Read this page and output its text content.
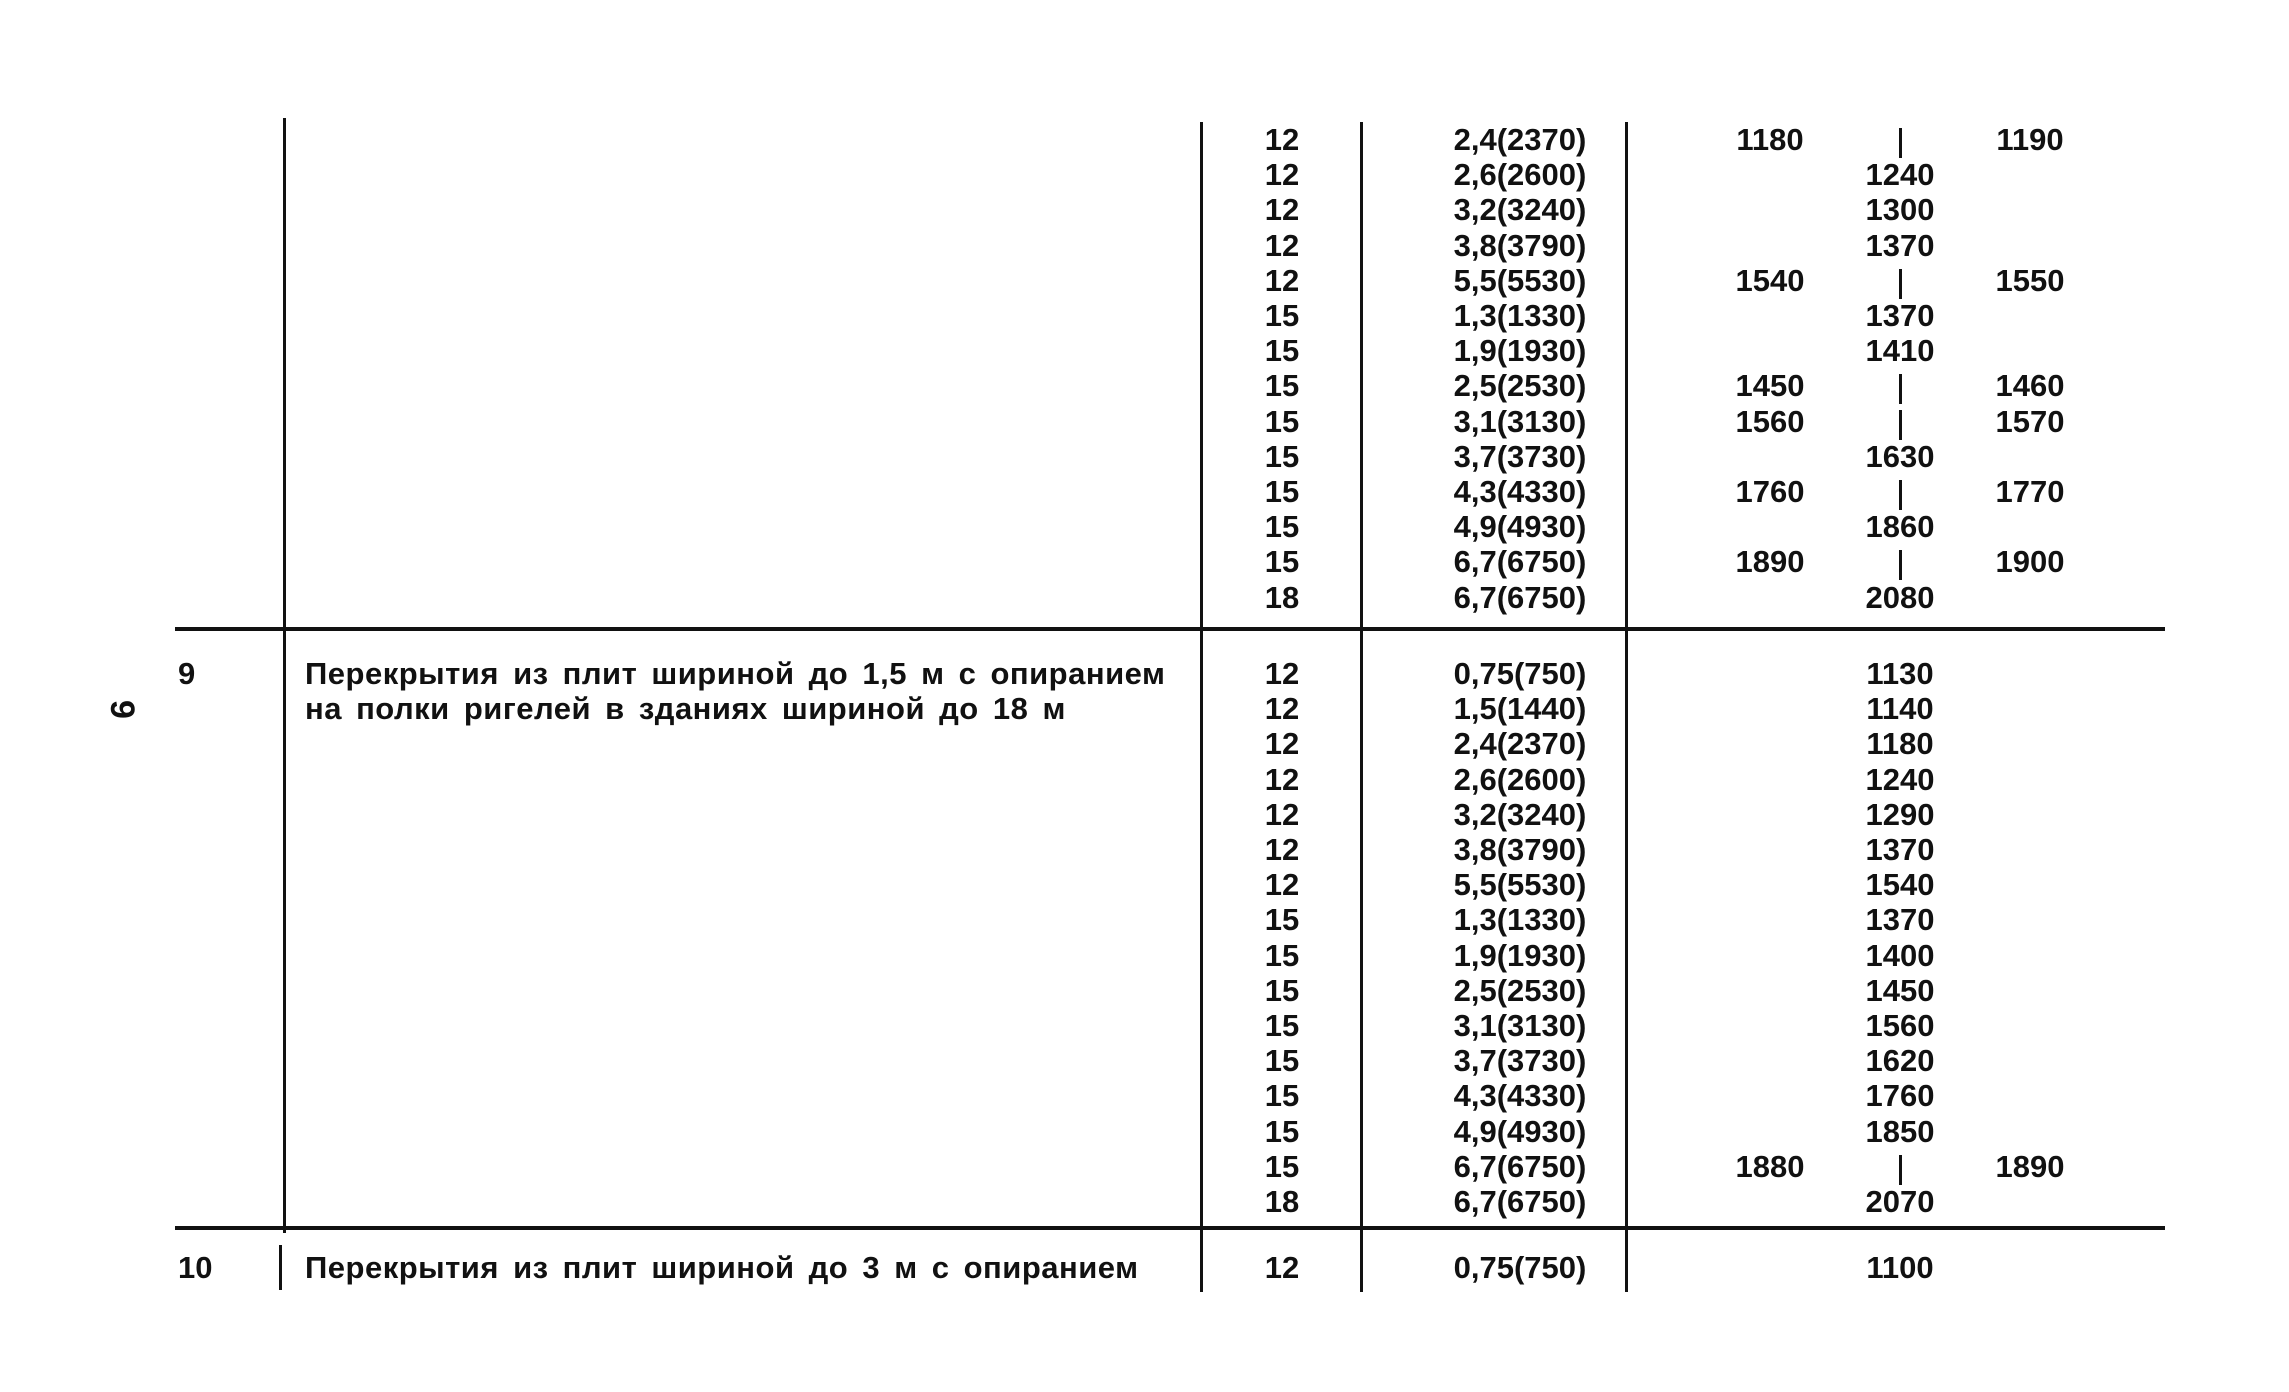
9
12	2,4(2370)	1180	1190
12	2,6(2600)	1240
12	3,2(3240)	1300
12	3,8(3790)	1370
12	5,5(5530)	1540	1550
15	1,3(1330)	1370
15	1,9(1930)	1410
15	2,5(2530)	1450	1460
15	3,1(3130)	1560	1570
15	3,7(3730)	1630
15	4,3(4330)	1760	1770
15	4,9(4930)	1860
15	6,7(6750)	1890	1900
18	6,7(6750)	2080
9	Перекрытия из плит шириной до 1,5 м с опиранием
на полки ригелей в зданиях шириной до 18 м
12	0,75(750)	1130
12	1,5(1440)	1140
12	2,4(2370)	1180
12	2,6(2600)	1240
12	3,2(3240)	1290
12	3,8(3790)	1370
12	5,5(5530)	1540
15	1,3(1330)	1370
15	1,9(1930)	1400
15	2,5(2530)	1450
15	3,1(3130)	1560
15	3,7(3730)	1620
15	4,3(4330)	1760
15	4,9(4930)	1850
15	6,7(6750)	1880	1890
18	6,7(6750)	2070
10	Перекрытия из плит шириной до 3 м с опиранием	12	0,75(750)	1100
